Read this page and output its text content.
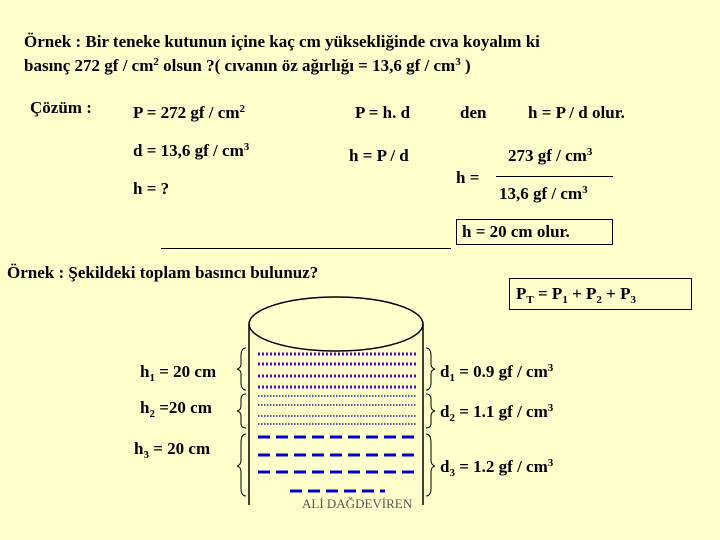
Örnek : Bir teneke kutunun içine kaç cm yüksekliğinde cıva koyalım ki
basınç 272 gf / $cm^2$ olsun ?( cıvanın öz ağırlığı = 13,6 gf / $cm^3$ )
Çözüm : P = 272 gf / $cm^2$
d = 13,6 gf / $cm^3$
h = ?
P = h. d	den h = P / d olur.
h = P / d	273 gf / $cm^3$
h =
13,6 gf / $cm^3$
h = 20 cm olur.
Örnek : Şekildeki toplam basıncı bulunuz?
$P_T = P_1 + P_2 + P_3$
$h_1 = 20$ cm
$h_2 =20$ cm
$h_3 = 20$ cm
$d_1 = 0.9$ gf / $cm^3$
$d_2 = 1.1$ gf / $cm^3$
$d_3 = 1.2$ gf / $cm^3$
ALİ DAĞDEVİREN
